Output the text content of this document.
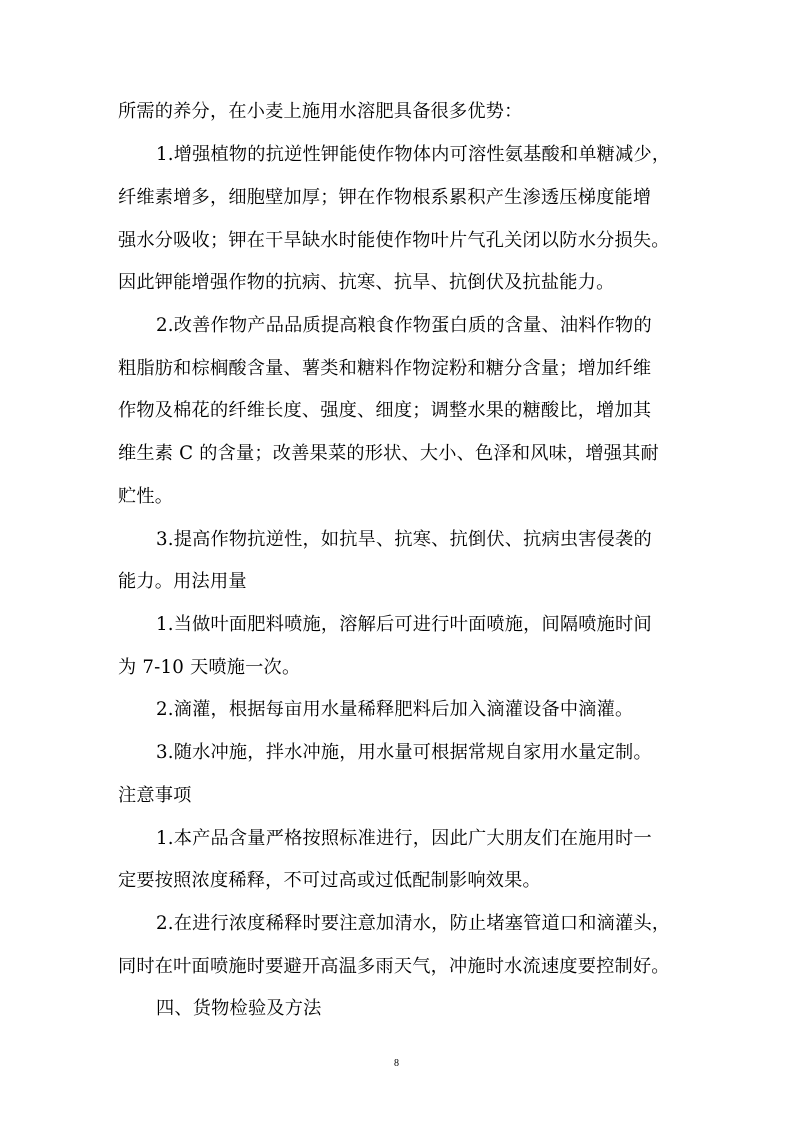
所需的养分，在小麦上施用水溶肥具备很多优势：
1.增强植物的抗逆性钾能使作物体内可溶性氨基酸和单糖减少，
纤维素增多，细胞壁加厚；钾在作物根系累积产生渗透压梯度能增
强水分吸收；钾在干旱缺水时能使作物叶片气孔关闭以防水分损失。
因此钾能增强作物的抗病、抗寒、抗旱、抗倒伏及抗盐能力。
2.改善作物产品品质提高粮食作物蛋白质的含量、油料作物的
粗脂肪和棕榈酸含量、薯类和糖料作物淀粉和糖分含量；增加纤维
作物及棉花的纤维长度、强度、细度；调整水果的糖酸比，增加其
维生素 C 的含量；改善果菜的形状、大小、色泽和风味，增强其耐
贮性。
3.提高作物抗逆性，如抗旱、抗寒、抗倒伏、抗病虫害侵袭的
能力。用法用量
1.当做叶面肥料喷施，溶解后可进行叶面喷施，间隔喷施时间
为 7-10 天喷施一次。
2.滴灌，根据每亩用水量稀释肥料后加入滴灌设备中滴灌。
3.随水冲施，拌水冲施，用水量可根据常规自家用水量定制。
注意事项
1.本产品含量严格按照标准进行，因此广大朋友们在施用时一
定要按照浓度稀释，不可过高或过低配制影响效果。
2.在进行浓度稀释时要注意加清水，防止堵塞管道口和滴灌头，
同时在叶面喷施时要避开高温多雨天气，冲施时水流速度要控制好。
四、货物检验及方法
8
